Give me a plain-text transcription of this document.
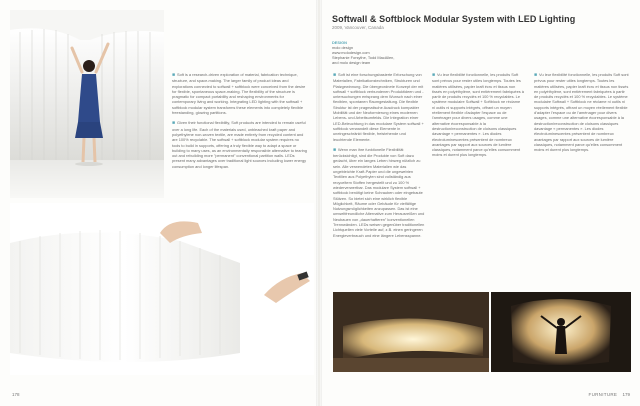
Softwall & Softblock Modular System with LED Lighting
2009, Vancouver, Canada
DESIGN
molo design
www.molodesign.com
Stephanie Forsythe, Todd MacAllen,
and molo design team

■ Soft is a research-driven exploration of material, fabrication technique, structure, and space-making. The larger family of product ideas and explorations connected to softwall + softblock were conceived from the desire for flexible, spontaneous space-making. The flexibility of the structure is pragmatic for compact portability and reshaping environments for contemporary living and working. Integrating LED lighting with the softwall + softblock modular system transforms these elements into completely flexible freestanding, glowing partitions.

■ Given their functional flexibility, Soft products are intended to remain useful over a long life. Each of the materials used, unbleached kraft paper and polyethylene non-woven textile, are made entirely from recycled content and are 100% recyclable. The softwall + softblock modular system requires no tools to build in supports, offering a truly flexible way to adapt a space or building to many uses, as an environmentally responsible alternative to tearing out and rebuilding more "permanent" conventional partition walls. LEDs present many advantages over traditional light sources including lower energy consumption and longer lifespan.

■ Soft ist eine forschungsbasierte Erforschung von Materialien, Fabrikationstechniken, Strukturen und Platzgewinnung. Die übergeordnete Konzept der mit softwall + softblock verbundenen Produktideen und -untersuchungen entsprang dem Wunsch nach einer flexiblen, spontanen Raumgestaltung. Die flexible Struktur ist der pragmatische Ausdruck kompakter Mobilität und der Neuformierung eines modernen Lebens- und Arbeitsumfelds. Die Integration einer LED-Beleuchtung in das modulare System softwall + softblock verwandelt diese Elemente in uneingeschränkt flexible, freistehende und leuchtende Elemente.

■ Wenn man ihre funktionelle Flexibilität berücksichtigt, sind die Produkte von Soft dazu gedacht, über ein langes Leben hinweg nützlich zu sein. Alle verwendeten Materialien wie das ungebleichte Kraft-Papier und die ungewebten Textilien aus Polyethylen sind vollständig aus recyceltem Stoffen hergestellt und zu 100 % wiederverwertbar. Das modulare System softwall + softblock benötigt keine Schrauben oder eingebaute Stützen. So bietet sich eine wirklich flexible Möglichkeit, Räume oder Gebäude für vielfältige Nutzungsmöglichkeiten anzupassen. Das ist eine umweltfreundliche Alternative zum Herausreißen und Neubauen von „dauerhafteren" konventionellen Trennwänden. LEDs weisen gegenüber traditionellen Lichtquellen viele Vorteile auf, z.B. einen geringeren Energieverbrauch und eine längere Lebensspanne.

■ Vu leur flexibilité fonctionnelle, les produits Soft sont prévus pour rester utiles longtemps. Toutes les matières utilisées, papier kraft écru et tissus non tissés en polyéthylène, sont entièrement fabriquées à partir de produits recyclés et 100 % recyclables. Le système modulaire Softwall + Softblock ne réclame ni outils ni supports intégrés, offrant un moyen réellement flexible d'adapter l'espace ou de l'aménager pour divers usages, comme une alternative écoresponsable à la destruction/reconstruction de cloisons classiques davantage « permanentes ». Les diodes électroluminescentes présentent de nombreux avantages par rapport aux sources de lumière classiques, notamment parce qu'elles consomment moins et durent plus longtemps.

■ Vu leur flexibilité fonctionnelle, les produits Soft sont prévus pour rester utiles longtemps. Toutes les matières utilisées, papier kraft écru et tissus non tissés en polyéthylène, sont entièrement fabriquées à partir de produits recyclés et 100 % recyclables. Le système modulaire Softwall + Softblock ne réclame ni outils ni supports intégrés, offrant un moyen réellement flexible d'adapter l'espace ou de l'aménager pour divers usages, comme une alternative écoresponsable à la destruction/reconstruction de cloisons classiques davantage « permanentes ». Les diodes électroluminescentes présentent de nombreux avantages par rapport aux sources de lumière classiques, notamment parce qu'elles consomment moins et durent plus longtemps.

178	FURNITURE 179
